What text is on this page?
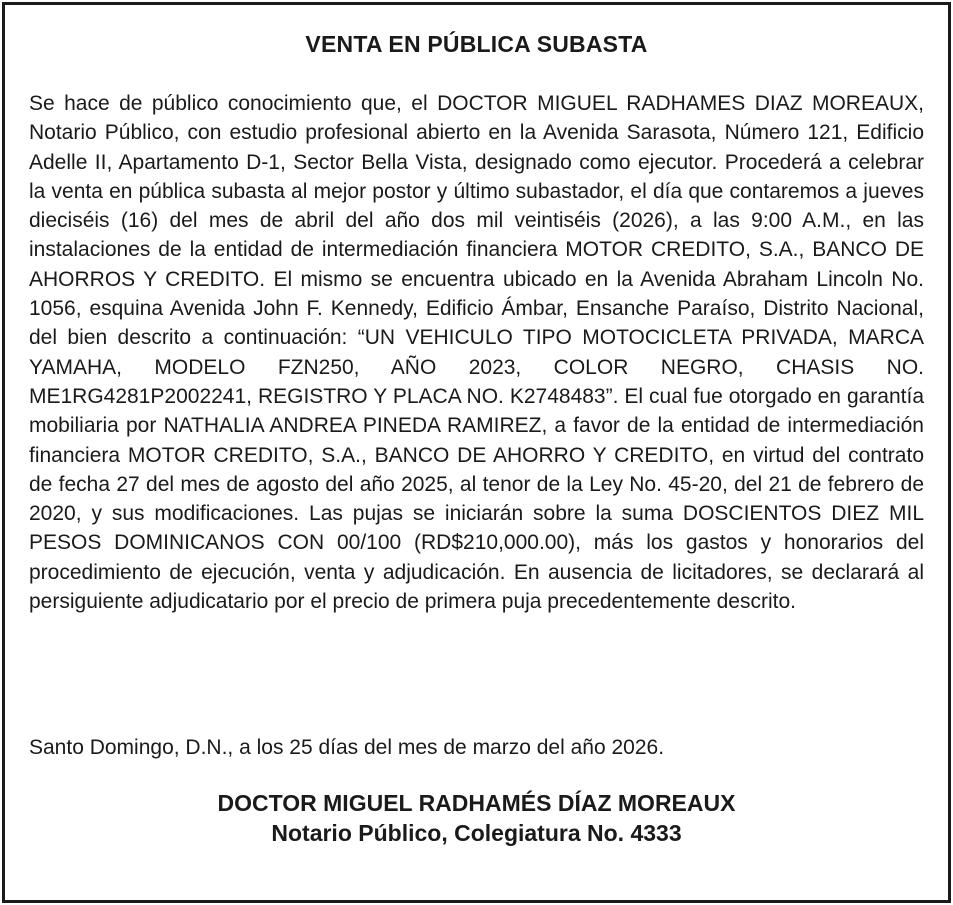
VENTA EN PÚBLICA SUBASTA

Se hace de público conocimiento que, el DOCTOR MIGUEL RADHAMES DIAZ MOREAUX, Notario Público, con estudio profesional abierto en la Avenida Sarasota, Número 121, Edificio Adelle II, Apartamento D-1, Sector Bella Vista, designado como ejecutor. Procederá a celebrar la venta en pública subasta al mejor postor y último subastador, el día que contaremos a jueves dieciséis (16) del mes de abril del año dos mil veintiséis (2026), a las 9:00 A.M., en las instalaciones de la entidad de intermediación financiera MOTOR CREDITO, S.A., BANCO DE AHORROS Y CREDITO. El mismo se encuentra ubicado en la Avenida Abraham Lincoln No. 1056, esquina Avenida John F. Kennedy, Edificio Ámbar, Ensanche Paraíso, Distrito Nacional, del bien descrito a continuación: “UN VEHICULO TIPO MOTOCICLETA PRIVADA, MARCA YAMAHA, MODELO FZN250, AÑO 2023, COLOR NEGRO, CHASIS NO. ME1RG4281P2002241, REGISTRO Y PLACA NO. K2748483”. El cual fue otorgado en garantía mobiliaria por NATHALIA ANDREA PINEDA RAMIREZ, a favor de la entidad de intermediación financiera MOTOR CREDITO, S.A., BANCO DE AHORRO Y CREDITO, en virtud del contrato de fecha 27 del mes de agosto del año 2025, al tenor de la Ley No. 45-20, del 21 de febrero de 2020, y sus modificaciones. Las pujas se iniciarán sobre la suma DOSCIENTOS DIEZ MIL PESOS DOMINICANOS CON 00/100 (RD$210,000.00), más los gastos y honorarios del procedimiento de ejecución, venta y adjudicación. En ausencia de licitadores, se declarará al persiguiente adjudicatario por el precio de primera puja precedentemente descrito.

Santo Domingo, D.N., a los 25 días del mes de marzo del año 2026.

DOCTOR MIGUEL RADHAMÉS DÍAZ MOREAUX
Notario Público, Colegiatura No. 4333
